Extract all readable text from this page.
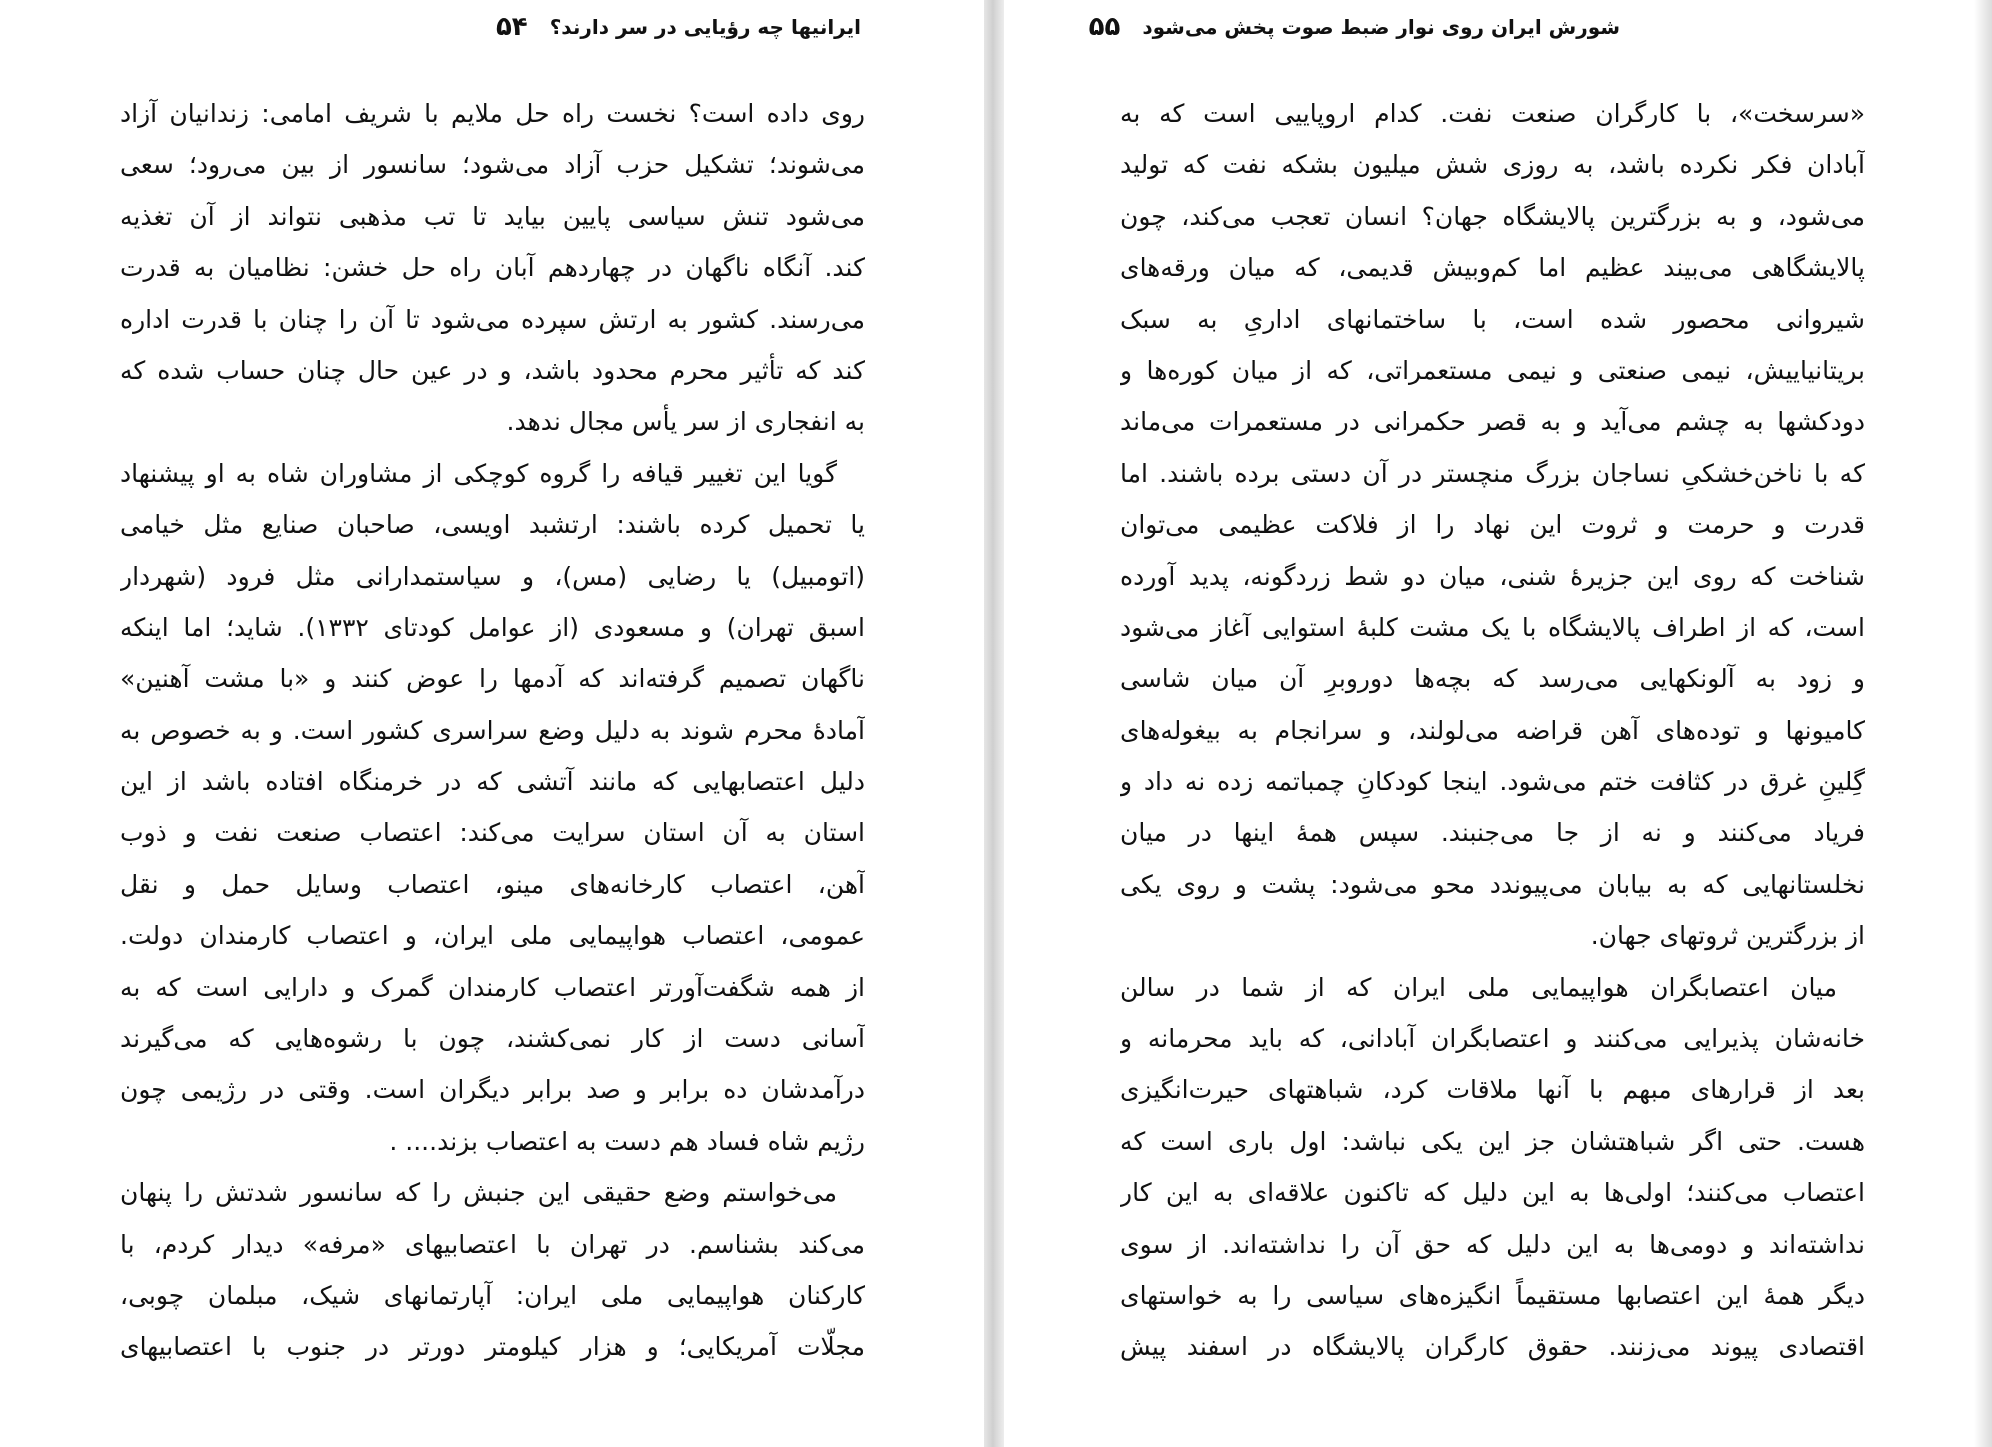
۵۴ ایرانیها چه رؤیایی در سر دارند؟
روی داده است؟ نخست راه حل ملایم با شریف امامی: زندانیان آزاد
می‌شوند؛ تشکیل حزب آزاد می‌شود؛ سانسور از بین می‌رود؛ سعی
می‌شود تنش سیاسی پایین بیاید تا تب مذهبی نتواند از آن تغذیه
کند. آنگاه ناگهان در چهاردهم آبان راه حل خشن: نظامیان به قدرت
می‌رسند. کشور به ارتش سپرده می‌شود تا آن را چنان با قدرت اداره
کند که تأثیر محرم محدود باشد، و در عین حال چنان حساب شده که
به انفجاری از سر یأس مجال ندهد.
گویا این تغییر قیافه را گروه کوچکی از مشاوران شاه به او پیشنهاد
یا تحمیل کرده باشند: ارتشبد اویسی، صاحبان صنایع مثل خیامی
(اتومبیل) یا رضایی (مس)، و سیاستمدارانی مثل فرود (شهردار
اسبق تهران) و مسعودی (از عوامل کودتای ۱۳۳۲). شاید؛ اما اینکه
ناگهان تصمیم گرفته‌اند که آدمها را عوض کنند و «با مشت آهنین»
آمادهٔ محرم شوند به دلیل وضع سراسری کشور است. و به خصوص به
دلیل اعتصابهایی که مانند آتشی که در خرمنگاه افتاده باشد از این
استان به آن استان سرایت می‌کند: اعتصاب صنعت نفت و ذوب
آهن، اعتصاب کارخانه‌های مینو، اعتصاب وسایل حمل و نقل
عمومی، اعتصاب هواپیمایی ملی ایران، و اعتصاب کارمندان دولت.
از همه شگفت‌آورتر اعتصاب کارمندان گمرک و دارایی است که به
آسانی دست از کار نمی‌کشند، چون با رشوه‌هایی که می‌گیرند
درآمدشان ده برابر و صد برابر دیگران است. وقتی در رژیمی چون
رژیم شاه فساد هم دست به اعتصاب بزند.... .
می‌خواستم وضع حقیقی این جنبش را که سانسور شدتش را پنهان
می‌کند بشناسم. در تهران با اعتصابیهای «مرفه» دیدار کردم، با
کارکنان هواپیمایی ملی ایران: آپارتمانهای شیک، مبلمان چوبی،
مجلّات آمریکایی؛ و هزار کیلومتر دورتر در جنوب با اعتصابیهای
۵۵ شورش ایران روی نوار ضبط صوت پخش می‌شود
«سرسخت»، با کارگران صنعت نفت. کدام اروپاییی است که به
آبادان فکر نکرده باشد، به روزی شش میلیون بشکه نفت که تولید
می‌شود، و به بزرگترین پالایشگاه جهان؟ انسان تعجب می‌کند، چون
پالایشگاهی می‌بیند عظیم اما کم‌وبیش قدیمی، که میان ورقه‌های
شیروانی محصور شده است، با ساختمانهای اداریِ به سبک
بریتانیاییش، نیمی صنعتی و نیمی مستعمراتی، که از میان کوره‌ها و
دودکشها به چشم می‌آید و به قصر حکمرانی در مستعمرات می‌ماند
که با ناخن‌خشکیِ نساجان بزرگ منچستر در آن دستی برده باشند. اما
قدرت و حرمت و ثروت این نهاد را از فلاکت عظیمی می‌توان
شناخت که روی این جزیرهٔ شنی، میان دو شط زردگونه، پدید آورده
است، که از اطراف پالایشگاه با یک مشت کلبهٔ استوایی آغاز می‌شود
و زود به آلونکهایی می‌رسد که بچه‌ها دوروبرِ آن میان شاسی
کامیونها و توده‌های آهن قراضه می‌لولند، و سرانجام به بیغوله‌های
گِلینِ غرق در کثافت ختم می‌شود. اینجا کودکانِ چمباتمه زده نه داد و
فریاد می‌کنند و نه از جا می‌جنبند. سپس همهٔ اینها در میان
نخلستانهایی که به بیابان می‌پیوندد محو می‌شود: پشت و روی یکی
از بزرگترین ثروتهای جهان.
میان اعتصابگران هواپیمایی ملی ایران که از شما در سالن
خانه‌شان پذیرایی می‌کنند و اعتصابگران آبادانی، که باید محرمانه و
بعد از قرارهای مبهم با آنها ملاقات کرد، شباهتهای حیرت‌انگیزی
هست. حتی اگر شباهتشان جز این یکی نباشد: اول باری است که
اعتصاب می‌کنند؛ اولی‌ها به این دلیل که تاکنون علاقه‌ای به این کار
نداشته‌اند و دومی‌ها به این دلیل که حق آن را نداشته‌اند. از سوی
دیگر همهٔ این اعتصابها مستقیماً انگیزه‌های سیاسی را به خواستهای
اقتصادی پیوند می‌زنند. حقوق کارگران پالایشگاه در اسفند پیش
